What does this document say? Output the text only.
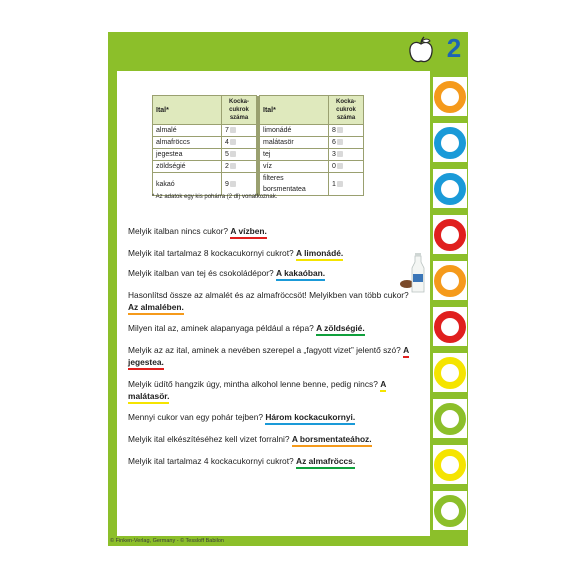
2
Ital*	Kocka-
cukrok
száma		Ital*	Kocka-
cukrok
száma
almalé	7		limonádé	8
almafröccs	4		malátasör	6
jegestea	5		tej	3
zöldségié	2		víz	0
kakaó	9		filteres borsmentatea	1
* Az adatok egy kis pohárra (2 dl) vonatkoznak.
Melyik italban nincs cukor? A vízben.
Melyik ital tartalmaz 8 kockacukornyi cukrot? A limonádé.
Melyik italban van tej és csokoládépor? A kakaóban.
Hasonlítsd össze az almalét és az almafröccsöt! Melyikben van több cukor? Az almalében.
Milyen ital az, aminek alapanyaga például a répa? A zöldségié.
Melyik az az ital, aminek a nevében szerepel a „fagyott vizet” jelentő szó? A jegestea.
Melyik üdítő hangzik úgy, mintha alkohol lenne benne, pedig nincs? A malátasör.
Mennyi cukor van egy pohár tejben? Három kockacukornyi.
Melyik ital elkészítéséhez kell vizet forralni? A borsmentateához.
Melyik ital tartalmaz 4 kockacukornyi cukrot? Az almafröccs.
© Finken-Verlag, Germany - © Tessloff Babilon
